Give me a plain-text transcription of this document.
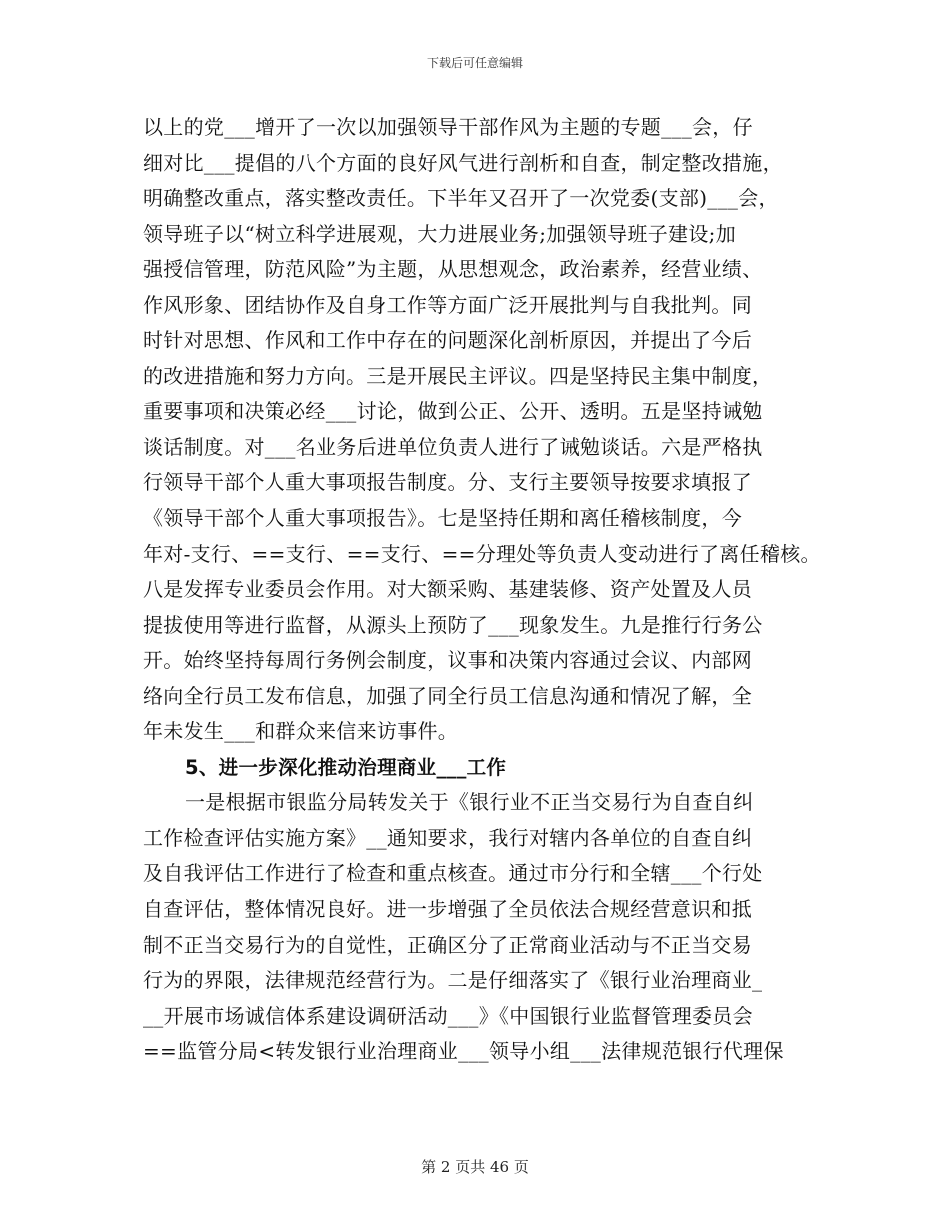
下载后可任意编辑
以上的党___增开了一次以加强领导干部作风为主题的专题___会，仔
细对比___提倡的八个方面的良好风气进行剖析和自查，制定整改措施，
明确整改重点，落实整改责任。下半年又召开了一次党委(支部)___会，
领导班子以“树立科学进展观，大力进展业务;加强领导班子建设;加
强授信管理，防范风险”为主题，从思想观念，政治素养，经营业绩、
作风形象、团结协作及自身工作等方面广泛开展批判与自我批判。同
时针对思想、作风和工作中存在的问题深化剖析原因，并提出了今后
的改进措施和努力方向。三是开展民主评议。四是坚持民主集中制度，
重要事项和决策必经___讨论，做到公正、公开、透明。五是坚持诫勉
谈话制度。对___名业务后进单位负责人进行了诫勉谈话。六是严格执
行领导干部个人重大事项报告制度。分、支行主要领导按要求填报了
《领导干部个人重大事项报告》。七是坚持任期和离任稽核制度，今
年对-支行、==支行、==支行、==分理处等负责人变动进行了离任稽核。
八是发挥专业委员会作用。对大额采购、基建装修、资产处置及人员
提拔使用等进行监督，从源头上预防了___现象发生。九是推行行务公
开。始终坚持每周行务例会制度，议事和决策内容通过会议、内部网
络向全行员工发布信息，加强了同全行员工信息沟通和情况了解，全
年未发生___和群众来信来访事件。
5、进一步深化推动治理商业___工作
一是根据市银监分局转发关于《银行业不正当交易行为自查自纠
工作检查评估实施方案》__通知要求，我行对辖内各单位的自查自纠
及自我评估工作进行了检查和重点核查。通过市分行和全辖___个行处
自查评估，整体情况良好。进一步增强了全员依法合规经营意识和抵
制不正当交易行为的自觉性，正确区分了正常商业活动与不正当交易
行为的界限，法律规范经营行为。二是仔细落实了《银行业治理商业_
__开展市场诚信体系建设调研活动___》《中国银行业监督管理委员会
==监管分局<转发银行业治理商业___领导小组___法律规范银行代理保
第 2 页共 46 页
